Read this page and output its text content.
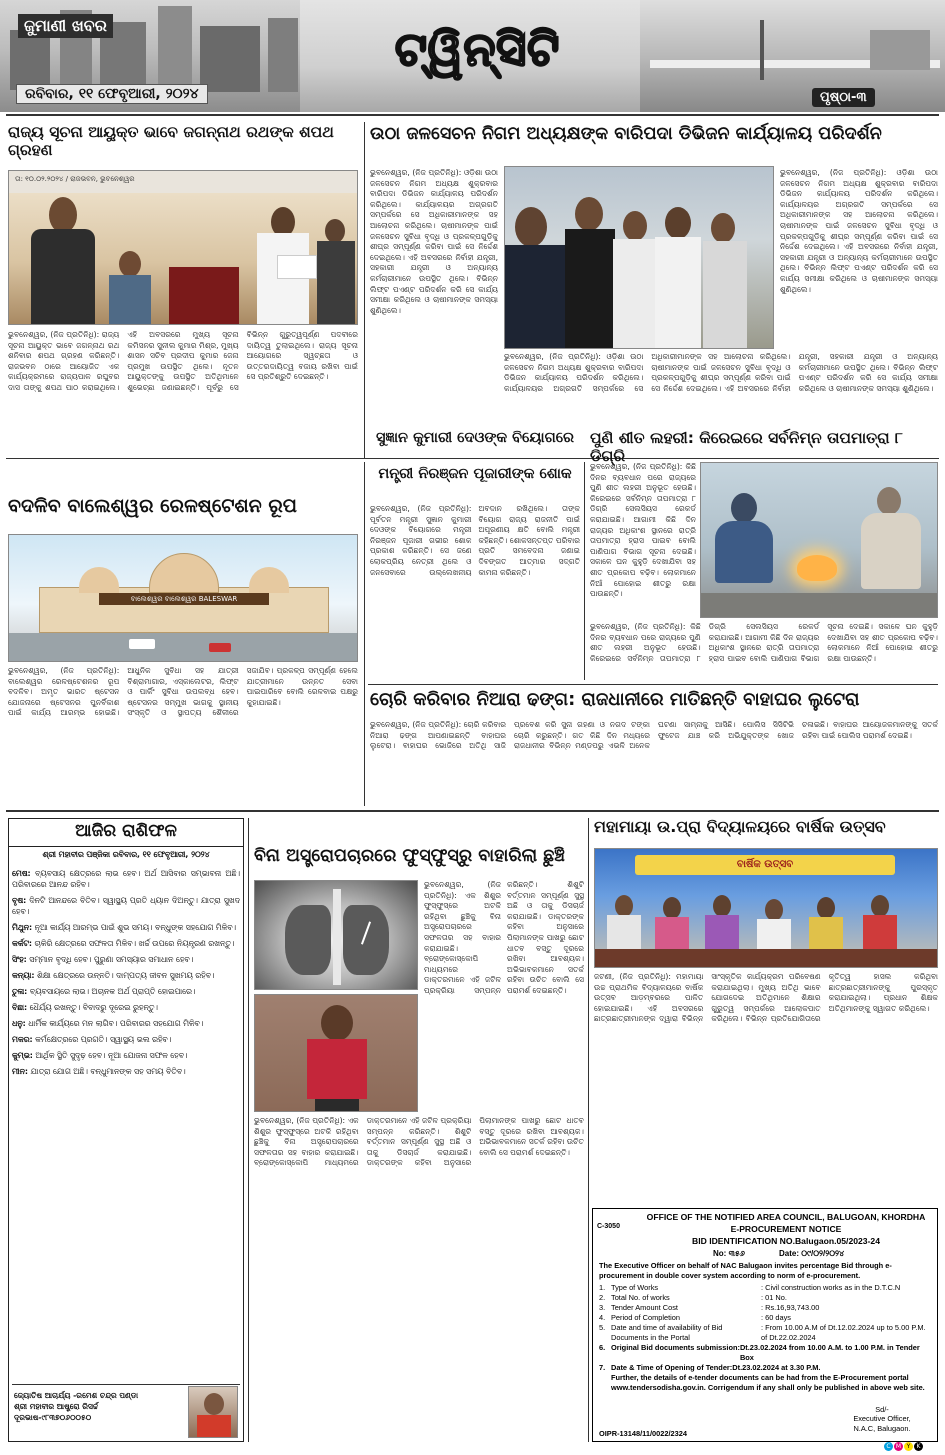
ଜୁମାଣୀ ଖବର	ଟ୍ୱିନ୍‌ସିଟି
ରବିବାର, ୧୧ ଫେବୃଆରୀ, ୨୦୨୪	ପୃଷ୍ଠା-୩
ରାଜ୍ୟ ସୂଚନା ଆୟୁକ୍ତ ଭାବେ ଜଗନ୍ନାଥ ରଥଙ୍କ ଶପଥ ଗ୍ରହଣ
ତା: ୧୦.୦୨.୨୦୨୪ / ରାଜଭବନ, ଭୁବନେଶ୍ୱର
ଭୁବନେଶ୍ୱର, (ନିଜ ପ୍ରତିନିଧି): ରାଜ୍ୟ ସୂଚନା ଆୟୁକ୍ତ ଭାବେ ଜଗନ୍ନାଥ ରଥ ଶନିବାର ଶପଥ ଗ୍ରହଣ କରିଛନ୍ତି। ରାଜଭବନ ଠାରେ ଆୟୋଜିତ ଏକ କାର୍ଯ୍ୟକ୍ରମରେ ରାଜ୍ୟପାଳ ରଘୁବର ଦାସ ତାଙ୍କୁ ଶପଥ ପାଠ କରାଇଥିଲେ। ଏହି ଅବସରରେ ମୁଖ୍ୟ ସୂଚନା କମିସନର ସୁନୀଲ କୁମାର ମିଶ୍ର, ମୁଖ୍ୟ ଶାସନ ସଚିବ ପ୍ରଦୀପ କୁମାର ଜେନା ପ୍ରମୁଖ ଉପସ୍ଥିତ ଥିଲେ। ନୂତନ ଆୟୁକ୍ତଙ୍କୁ ଉପସ୍ଥିତ ଅତିଥିମାନେ ଶୁଭେଚ୍ଛା ଜଣାଇଛନ୍ତି। ପୂର୍ବରୁ ସେ ବିଭିନ୍ନ ଗୁରୁତ୍ୱପୂର୍ଣ୍ଣ ପଦବୀରେ ଦାୟିତ୍ୱ ତୁଲାଇଥିଲେ। ରାଜ୍ୟ ସୂଚନା ଆୟୋଗରେ ସ୍ୱଚ୍ଛତା ଓ ଉତ୍ତରଦାୟିତ୍ୱ ବଜାୟ ରଖିବା ପାଇଁ ସେ ପ୍ରତିଶ୍ରୁତି ଦେଇଛନ୍ତି।
ଉଠା ଜଳସେଚନ ନିଗମ ଅଧ୍ୟକ୍ଷଙ୍କ ବାରିପଦା ଡିଭିଜନ କାର୍ଯ୍ୟାଳୟ ପରିଦର୍ଶନ
ଭୁବନେଶ୍ୱର, (ନିଜ ପ୍ରତିନିଧି): ଓଡ଼ିଶା ଉଠା ଜଳସେଚନ ନିଗମ ଅଧ୍ୟକ୍ଷ ଶୁକ୍ରବାର ବାରିପଦା ଡିଭିଜନ କାର୍ଯ୍ୟାଳୟ ପରିଦର୍ଶନ କରିଥିଲେ। କାର୍ଯ୍ୟାଳୟର ଅଗ୍ରଗତି ସମ୍ପର୍କରେ ସେ ଅଧିକାରୀମାନଙ୍କ ସହ ଆଲୋଚନା କରିଥିଲେ। ଚାଷୀମାନଙ୍କ ପାଇଁ ଜଳସେଚନ ସୁବିଧା ବୃଦ୍ଧି ଓ ପ୍ରକଳ୍ପଗୁଡ଼ିକୁ ଶୀଘ୍ର ସମ୍ପୂର୍ଣ୍ଣ କରିବା ପାଇଁ ସେ ନିର୍ଦ୍ଦେଶ ଦେଇଥିଲେ। ଏହି ଅବସରରେ ନିର୍ବାହୀ ଯନ୍ତ୍ରୀ, ସହକାରୀ ଯନ୍ତ୍ରୀ ଓ ଅନ୍ୟାନ୍ୟ କର୍ମଚାରୀମାନେ ଉପସ୍ଥିତ ଥିଲେ। ବିଭିନ୍ନ ଲିଫ୍ଟ ପଏଣ୍ଟ ପରିଦର୍ଶନ କରି ସେ କାର୍ଯ୍ୟ ସମୀକ୍ଷା କରିଥିଲେ ଓ ଚାଷୀମାନଙ୍କ ସମସ୍ୟା ଶୁଣିଥିଲେ।
ଭୁବନେଶ୍ୱର, (ନିଜ ପ୍ରତିନିଧି): ଓଡ଼ିଶା ଉଠା ଜଳସେଚନ ନିଗମ ଅଧ୍ୟକ୍ଷ ଶୁକ୍ରବାର ବାରିପଦା ଡିଭିଜନ କାର୍ଯ୍ୟାଳୟ ପରିଦର୍ଶନ କରିଥିଲେ। କାର୍ଯ୍ୟାଳୟର ଅଗ୍ରଗତି ସମ୍ପର୍କରେ ସେ ଅଧିକାରୀମାନଙ୍କ ସହ ଆଲୋଚନା କରିଥିଲେ। ଚାଷୀମାନଙ୍କ ପାଇଁ ଜଳସେଚନ ସୁବିଧା ବୃଦ୍ଧି ଓ ପ୍ରକଳ୍ପଗୁଡ଼ିକୁ ଶୀଘ୍ର ସମ୍ପୂର୍ଣ୍ଣ କରିବା ପାଇଁ ସେ ନିର୍ଦ୍ଦେଶ ଦେଇଥିଲେ। ଏହି ଅବସରରେ ନିର୍ବାହୀ ଯନ୍ତ୍ରୀ, ସହକାରୀ ଯନ୍ତ୍ରୀ ଓ ଅନ୍ୟାନ୍ୟ କର୍ମଚାରୀମାନେ ଉପସ୍ଥିତ ଥିଲେ। ବିଭିନ୍ନ ଲିଫ୍ଟ ପଏଣ୍ଟ ପରିଦର୍ଶନ କରି ସେ କାର୍ଯ୍ୟ ସମୀକ୍ଷା କରିଥିଲେ ଓ ଚାଷୀମାନଙ୍କ ସମସ୍ୟା ଶୁଣିଥିଲେ।
ଭୁବନେଶ୍ୱର, (ନିଜ ପ୍ରତିନିଧି): ଓଡ଼ିଶା ଉଠା ଜଳସେଚନ ନିଗମ ଅଧ୍ୟକ୍ଷ ଶୁକ୍ରବାର ବାରିପଦା ଡିଭିଜନ କାର୍ଯ୍ୟାଳୟ ପରିଦର୍ଶନ କରିଥିଲେ। କାର୍ଯ୍ୟାଳୟର ଅଗ୍ରଗତି ସମ୍ପର୍କରେ ସେ ଅଧିକାରୀମାନଙ୍କ ସହ ଆଲୋଚନା କରିଥିଲେ। ଚାଷୀମାନଙ୍କ ପାଇଁ ଜଳସେଚନ ସୁବିଧା ବୃଦ୍ଧି ଓ ପ୍ରକଳ୍ପଗୁଡ଼ିକୁ ଶୀଘ୍ର ସମ୍ପୂର୍ଣ୍ଣ କରିବା ପାଇଁ ସେ ନିର୍ଦ୍ଦେଶ ଦେଇଥିଲେ। ଏହି ଅବସରରେ ନିର୍ବାହୀ ଯନ୍ତ୍ରୀ, ସହକାରୀ ଯନ୍ତ୍ରୀ ଓ ଅନ୍ୟାନ୍ୟ କର୍ମଚାରୀମାନେ ଉପସ୍ଥିତ ଥିଲେ। ବିଭିନ୍ନ ଲିଫ୍ଟ ପଏଣ୍ଟ ପରିଦର୍ଶନ କରି ସେ କାର୍ଯ୍ୟ ସମୀକ୍ଷା କରିଥିଲେ ଓ ଚାଷୀମାନଙ୍କ ସମସ୍ୟା ଶୁଣିଥିଲେ।
ବଦଳିବ ବାଲେଶ୍ୱର ରେଳଷ୍ଟେଶନ ରୂପ
ବାଲେଶ୍ୱର ବାଲେଶ୍ୱର BALESWAR
ଭୁବନେଶ୍ୱର, (ନିଜ ପ୍ରତିନିଧି): ବାଲେଶ୍ୱର ରେଳଷ୍ଟେଶନର ରୂପ ବଦଳିବ। ଅମୃତ ଭାରତ ଷ୍ଟେସନ ଯୋଜନାରେ ଷ୍ଟେସନର ପୁନର୍ବିକାଶ ପାଇଁ କାର୍ଯ୍ୟ ଆରମ୍ଭ ହୋଇଛି। ଆଧୁନିକ ସୁବିଧା ସହ ଯାତ୍ରୀ ବିଶ୍ରାମାଗାର, ଏସ୍କାଲେଟର, ଲିଫ୍ଟ ଓ ପାର୍କିଂ ସୁବିଧା ଉପଲବ୍ଧ ହେବ। ଷ୍ଟେସନର ସମ୍ମୁଖ ଭାଗକୁ ସ୍ଥାନୀୟ ସଂସ୍କୃତି ଓ ସ୍ଥାପତ୍ୟ ଶୈଳୀରେ ସଜାଯିବ। ପ୍ରକଳ୍ପ ସମ୍ପୂର୍ଣ୍ଣ ହେଲେ ଯାତ୍ରୀମାନେ ଉନ୍ନତ ସେବା ପାଇପାରିବେ ବୋଲି ରେଳବାଇ ପକ୍ଷରୁ କୁହାଯାଇଛି।
ସୁଜ୍ଞାନ କୁମାରୀ ଦେଓଙ୍କ ବିୟୋଗରେ
ମନ୍ତ୍ରୀ ନିରଞ୍ଜନ ପୂଜାରୀଙ୍କ ଶୋକ
ଭୁବନେଶ୍ୱର, (ନିଜ ପ୍ରତିନିଧି): ପୂର୍ବତନ ମନ୍ତ୍ରୀ ସୁଜ୍ଞାନ କୁମାରୀ ଦେଓଙ୍କ ବିୟୋଗରେ ମନ୍ତ୍ରୀ ନିରଞ୍ଜନ ପୂଜାରୀ ଗଭୀର ଶୋକ ପ୍ରକାଶ କରିଛନ୍ତି। ସେ ଜଣେ ଲୋକପ୍ରିୟ ନେତ୍ରୀ ଥିଲେ ଓ ଜନସେବାରେ ଉଲ୍ଲେଖନୀୟ ଅବଦାନ ରଖିଥିଲେ। ତାଙ୍କ ବିୟୋଗ ରାଜ୍ୟ ରାଜନୀତି ପାଇଁ ଅପୂରଣୀୟ କ୍ଷତି ବୋଲି ମନ୍ତ୍ରୀ କହିଛନ୍ତି। ଶୋକସନ୍ତପ୍ତ ପରିବାର ପ୍ରତି ସମବେଦନା ଜଣାଇ ଦିବଙ୍ଗତ ଆତ୍ମାର ସଦ୍‌ଗତି କାମନା କରିଛନ୍ତି।
ପୁଣି ଶୀତ ଲହରୀ: କିରେଇରେ ସର୍ବନିମ୍ନ ତାପମାତ୍ରା ୮ ଡିଗ୍ରି
ଭୁବନେଶ୍ୱର, (ନିଜ ପ୍ରତିନିଧି): କିଛି ଦିନର ବ୍ୟବଧାନ ପରେ ରାଜ୍ୟରେ ପୁଣି ଶୀତ ଲହରୀ ଅନୁଭୂତ ହେଉଛି। କିରେଇରେ ସର୍ବନିମ୍ନ ତାପମାତ୍ରା ୮ ଡିଗ୍ରି ସେଲସିୟସ ରେକର୍ଡ କରାଯାଇଛି। ଆଗାମୀ କିଛି ଦିନ ରାଜ୍ୟର ଅଧିକାଂଶ ସ୍ଥାନରେ ରାତ୍ରି ତାପମାତ୍ରା ହ୍ରାସ ପାଇବ ବୋଲି ପାଣିପାଗ ବିଭାଗ ସୂଚନା ଦେଇଛି। ସକାଳେ ଘନ କୁହୁଡ଼ି ଦେଖାଯିବା ସହ ଶୀତ ପ୍ରକୋପ ବଢ଼ିବ। ଲୋକମାନେ ନିଆଁ ପୋହୋଇ ଶୀତରୁ ରକ୍ଷା ପାଉଛନ୍ତି।
ଭୁବନେଶ୍ୱର, (ନିଜ ପ୍ରତିନିଧି): କିଛି ଦିନର ବ୍ୟବଧାନ ପରେ ରାଜ୍ୟରେ ପୁଣି ଶୀତ ଲହରୀ ଅନୁଭୂତ ହେଉଛି। କିରେଇରେ ସର୍ବନିମ୍ନ ତାପମାତ୍ରା ୮ ଡିଗ୍ରି ସେଲସିୟସ ରେକର୍ଡ କରାଯାଇଛି। ଆଗାମୀ କିଛି ଦିନ ରାଜ୍ୟର ଅଧିକାଂଶ ସ୍ଥାନରେ ରାତ୍ରି ତାପମାତ୍ରା ହ୍ରାସ ପାଇବ ବୋଲି ପାଣିପାଗ ବିଭାଗ ସୂଚନା ଦେଇଛି। ସକାଳେ ଘନ କୁହୁଡ଼ି ଦେଖାଯିବା ସହ ଶୀତ ପ୍ରକୋପ ବଢ଼ିବ। ଲୋକମାନେ ନିଆଁ ପୋହୋଇ ଶୀତରୁ ରକ୍ଷା ପାଉଛନ୍ତି।
ଚୋରି କରିବାର ନିଆରା ଢଙ୍ଗ: ରାଜଧାନୀରେ ମାତିଛନ୍ତି ବାହାଘର ଲୁଟେରା
ଭୁବନେଶ୍ୱର, (ନିଜ ପ୍ରତିନିଧି): ଚୋରି କରିବାର ନିଆରା ଢଙ୍ଗ ଆପଣାଇଛନ୍ତି ବାହାଘର ଲୁଟେରା। ବାହାଘର ଭୋଜିରେ ଅତିଥି ସାଜି ପ୍ରବେଶ କରି ସୁନା ଗହଣା ଓ ନଗଦ ଟଙ୍କା ଚୋରି କରୁଛନ୍ତି। ଗତ କିଛି ଦିନ ମଧ୍ୟରେ ରାଜଧାନୀର ବିଭିନ୍ନ ମଣ୍ଡପରୁ ଏଭଳି ଅନେକ ଘଟଣା ସାମ୍ନାକୁ ଆସିଛି। ପୋଲିସ ସିସିଟିଭି ଫୁଟେଜ ଯାଞ୍ଚ କରି ଅଭିଯୁକ୍ତଙ୍କ ଖୋଜ ଚଳାଇଛି। ବାହାଘର ଆୟୋଜକମାନଙ୍କୁ ସତର୍କ ରହିବା ପାଇଁ ପୋଲିସ ପରାମର୍ଶ ଦେଇଛି।
ଆଜିର ରାଶିଫଳ
ଶ୍ରୀ ମହାବୀର ପଞ୍ଜିକା ରବିବାର, ୧୧ ଫେବୃଆରୀ, ୨୦୨୪
ମେଷ: ବ୍ୟବସାୟ କ୍ଷେତ୍ରରେ ଲାଭ ହେବ। ଅର୍ଥ ଆସିବାର ସମ୍ଭାବନା ଅଛି। ପରିବାରରେ ଆନନ୍ଦ ରହିବ।
ବୃଷ: ଦିନଟି ଆନନ୍ଦରେ ବିତିବ। ସ୍ୱାସ୍ଥ୍ୟ ପ୍ରତି ଧ୍ୟାନ ଦିଅନ୍ତୁ। ଯାତ୍ରା ସୁଖଦ ହେବ।
ମିଥୁନ: ନୂଆ କାର୍ଯ୍ୟ ଆରମ୍ଭ ପାଇଁ ଶୁଭ ସମୟ। ବନ୍ଧୁଙ୍କ ସହଯୋଗ ମିଳିବ।
କର୍କଟ: ଚାକିରି କ୍ଷେତ୍ରରେ ସଫଳତା ମିଳିବ। ଖର୍ଚ୍ଚ ଉପରେ ନିୟନ୍ତ୍ରଣ ରଖନ୍ତୁ।
ସିଂହ: ସମ୍ମାନ ବୃଦ୍ଧି ହେବ। ପୁରୁଣା ସମସ୍ୟାର ସମାଧାନ ହେବ।
କନ୍ୟା: ଶିକ୍ଷା କ୍ଷେତ୍ରରେ ଉନ୍ନତି। ଦାମ୍ପତ୍ୟ ଜୀବନ ସୁଖମୟ ରହିବ।
ତୁଳା: ବ୍ୟବସାୟରେ ଲାଭ। ଅଚାନକ ଅର୍ଥ ପ୍ରାପ୍ତି ହୋଇପାରେ।
ବିଛା: ଧୈର୍ଯ୍ୟ ରଖନ୍ତୁ। ବିବାଦରୁ ଦୂରେଇ ରୁହନ୍ତୁ।
ଧନୁ: ଧାର୍ମିକ କାର୍ଯ୍ୟରେ ମନ ଲାଗିବ। ପରିବାରର ସହଯୋଗ ମିଳିବ।
ମକର: କର୍ମକ୍ଷେତ୍ରରେ ପ୍ରଗତି। ସ୍ୱାସ୍ଥ୍ୟ ଭଲ ରହିବ।
କୁମ୍ଭ: ଆର୍ଥିକ ସ୍ଥିତି ସୁଦୃଢ଼ ହେବ। ନୂଆ ଯୋଜନା ସଫଳ ହେବ।
ମୀନ: ଯାତ୍ରା ଯୋଗ ଅଛି। ବନ୍ଧୁମାନଙ୍କ ସହ ସମୟ ବିତିବ।
ଜ୍ୟୋତିଷ ଆଚାର୍ଯ୍ୟ -ରମେଶ ଚନ୍ଦ୍ର ପଣ୍ଡା
ଶ୍ରୀ ମହାବୀର ଆଷ୍ଟ୍ରୋ ରିସର୍ଚ୍ଚ
ଦୂରଭାଷ-୯୮୩୭୦୬୦୦୫୦
ବିନା ଅସ୍ତ୍ରୋପଚାରରେ ଫୁସ୍‌ଫୁସ୍‌ରୁ ବାହାରିଲା ଛୁଞ୍ଚି
ଭୁବନେଶ୍ୱର, (ନିଜ ପ୍ରତିନିଧି): ଏକ ଶିଶୁର ଫୁସ୍‌ଫୁସ୍‌ରେ ଅଟକି ରହିଥିବା ଛୁଞ୍ଚିକୁ ବିନା ଅସ୍ତ୍ରୋପଚାରରେ ସଫଳତାର ସହ ବାହାର କରାଯାଇଛି। ବ୍ରୋଙ୍କୋସ୍କୋପି ମାଧ୍ୟମରେ ଡାକ୍ତରମାନେ ଏହି ଜଟିଳ ପ୍ରକ୍ରିୟା ସମ୍ପନ୍ନ କରିଛନ୍ତି। ଶିଶୁଟି ବର୍ତ୍ତମାନ ସମ୍ପୂର୍ଣ୍ଣ ସୁସ୍ଥ ଅଛି ଓ ତାକୁ ଡିସଚାର୍ଜ କରାଯାଇଛି। ଡାକ୍ତରଙ୍କ କହିବା ଅନୁସାରେ ପିଲାମାନଙ୍କ ପାଖରୁ ଛୋଟ ଧାତବ ବସ୍ତୁ ଦୂରରେ ରଖିବା ଆବଶ୍ୟକ। ଅଭିଭାବକମାନେ ସତର୍କ ରହିବା ଉଚିତ ବୋଲି ସେ ପରାମର୍ଶ ଦେଇଛନ୍ତି।
ଭୁବନେଶ୍ୱର, (ନିଜ ପ୍ରତିନିଧି): ଏକ ଶିଶୁର ଫୁସ୍‌ଫୁସ୍‌ରେ ଅଟକି ରହିଥିବା ଛୁଞ୍ଚିକୁ ବିନା ଅସ୍ତ୍ରୋପଚାରରେ ସଫଳତାର ସହ ବାହାର କରାଯାଇଛି। ବ୍ରୋଙ୍କୋସ୍କୋପି ମାଧ୍ୟମରେ ଡାକ୍ତରମାନେ ଏହି ଜଟିଳ ପ୍ରକ୍ରିୟା ସମ୍ପନ୍ନ କରିଛନ୍ତି। ଶିଶୁଟି ବର୍ତ୍ତମାନ ସମ୍ପୂର୍ଣ୍ଣ ସୁସ୍ଥ ଅଛି ଓ ତାକୁ ଡିସଚାର୍ଜ କରାଯାଇଛି। ଡାକ୍ତରଙ୍କ କହିବା ଅନୁସାରେ ପିଲାମାନଙ୍କ ପାଖରୁ ଛୋଟ ଧାତବ ବସ୍ତୁ ଦୂରରେ ରଖିବା ଆବଶ୍ୟକ। ଅଭିଭାବକମାନେ ସତର୍କ ରହିବା ଉଚିତ ବୋଲି ସେ ପରାମର୍ଶ ଦେଇଛନ୍ତି।
ମହାମାୟା ଉ.ପ୍ରା ବିଦ୍ୟାଳୟରେ ବାର୍ଷିକ ଉତ୍ସବ
ବାର୍ଷିକ ଉତ୍ସବ
ଜଟଣୀ, (ନିଜ ପ୍ରତିନିଧି): ମହାମାୟା ଉଚ୍ଚ ପ୍ରାଥମିକ ବିଦ୍ୟାଳୟରେ ବାର୍ଷିକ ଉତ୍ସବ ଆଡ଼ମ୍ବରରେ ପାଳିତ ହୋଇଯାଇଛି। ଏହି ଅବସରରେ ଛାତ୍ରଛାତ୍ରୀମାନଙ୍କ ଦ୍ୱାରା ବିଭିନ୍ନ ସାଂସ୍କୃତିକ କାର୍ଯ୍ୟକ୍ରମ ପରିବେଷଣ କରାଯାଇଥିଲା। ମୁଖ୍ୟ ଅତିଥି ଭାବେ ଯୋଗଦେଇ ଅତିଥିମାନେ ଶିକ୍ଷାର ଗୁରୁତ୍ୱ ସମ୍ପର୍କରେ ଆଲୋକପାତ କରିଥିଲେ। ବିଭିନ୍ନ ପ୍ରତିଯୋଗିତାରେ କୃତିତ୍ୱ ହାସଲ କରିଥିବା ଛାତ୍ରଛାତ୍ରୀମାନଙ୍କୁ ପୁରସ୍କୃତ କରାଯାଇଥିଲା। ପ୍ରଧାନ ଶିକ୍ଷକ ଅତିଥିମାନଙ୍କୁ ସ୍ୱାଗତ କରିଥିଲେ।
C-3050
OFFICE OF THE NOTIFIED AREA COUNCIL, BALUGOAN, KHORDHA
E-PROCUREMENT NOTICE
BID IDENTIFICATION NO.Balugaon.05/2023-24
No: ୩୫୬	Date: ୦୯/୦୨/୨୦୨୪
The Executive Officer on behalf of NAC Balugaon invites percentage Bid through e-procurement in double cover system according to norm of e-procurement.
1. Type of Works	: Civil construction works as in the D.T.C.N
2. Total No. of works	: 01 No.
3. Tender Amount Cost	: Rs.16,93,743.00
4. Period of Completion	: 60 days
5. Date and time of availability of Bid Documents in the Portal
: From 10.00 A.M of Dt.12.02.2024 up to 5.00 P.M. of Dt.22.02.2024
6. Original Bid documents submission: Dt.23.02.2024 from 10.00 A.M. to 1.00 P.M. in Tender Box
7. Date & Time of Opening of Tender: Dt.23.02.2024 at 3.30 P.M.
Further, the details of e-tender documents can be had from the E-Procurement portal www.tendersodisha.gov.in. Corrigendum if any shall only be published in above web site.
Sd/-
Executive Officer,
N.A.C, Balugaon.
OIPR-13148/11/0022/2324
C M Y	K
